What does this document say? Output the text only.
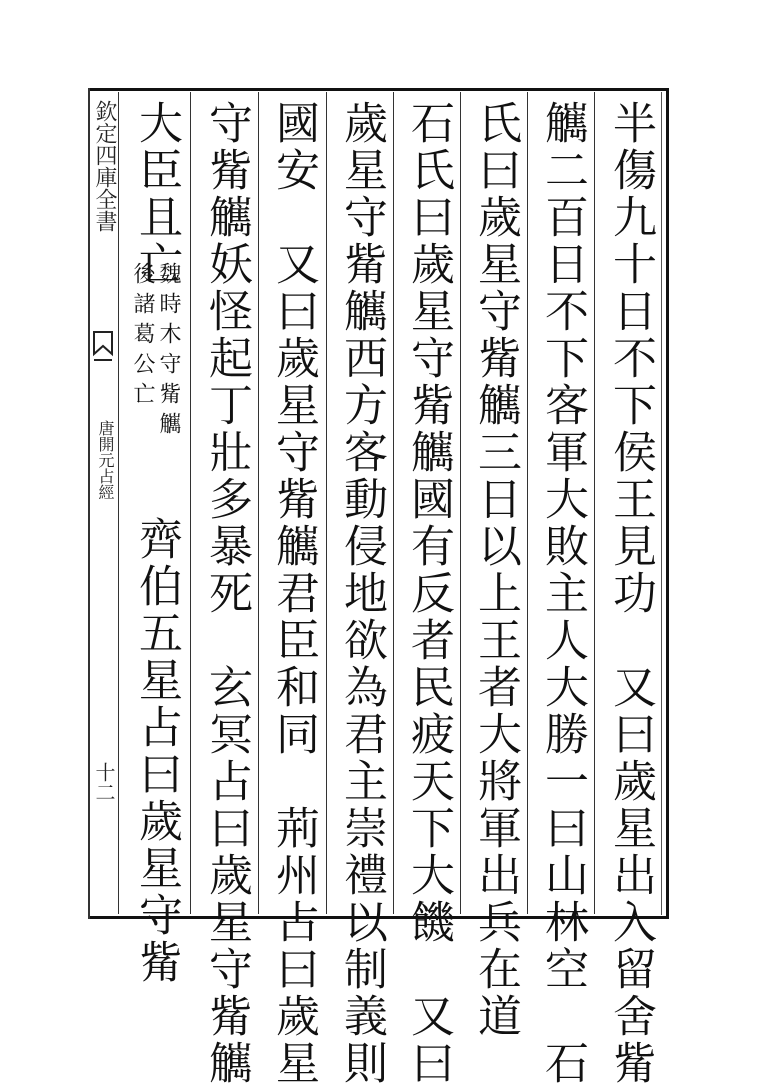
欽定四庫全書
唐開元占經
十二	半傷九十日不下侯王見功　又曰歲星出入留舍觜
觽二百日不下客軍大敗主人大勝一曰山林空　石
氏曰歲星守觜觽三日以上王者大將軍出兵在道
石氏曰歲星守觜觽國有反者民疲天下大饑　又曰
歲星守觜觽西方客動侵地欲為君主崇禮以制義則
國安　又曰歲星守觜觽君臣和同　荊州占曰歲星
守觜觽妖怪起丁壯多暴死　玄冥占曰歲星守觜觽
大臣且亡
魏時木守觜觽
後諸葛公亡
齊伯五星占曰歲星守觜
